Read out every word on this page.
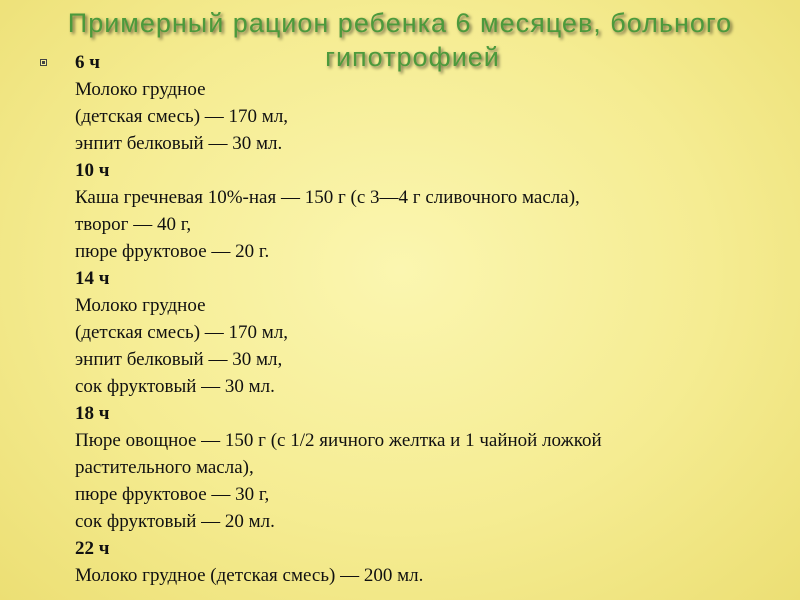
Примерный рацион ребенка 6 месяцев, больного
гипотрофией
6 ч
Молоко грудное
(детская смесь) — 170 мл,
энпит белковый — 30 мл.
10 ч
Каша гречневая 10%-ная — 150 г (с 3—4 г сливочного масла),
творог — 40 г,
пюре фруктовое — 20 г.
14 ч
Молоко грудное
(детская смесь) — 170 мл,
энпит белковый — 30 мл,
сок фруктовый — 30 мл.
18 ч
Пюре овощное — 150 г (с 1/2 яичного желтка и 1 чайной ложкой
растительного масла),
пюре фруктовое — 30 г,
сок фруктовый — 20 мл.
22 ч
Молоко грудное (детская смесь) — 200 мл.
